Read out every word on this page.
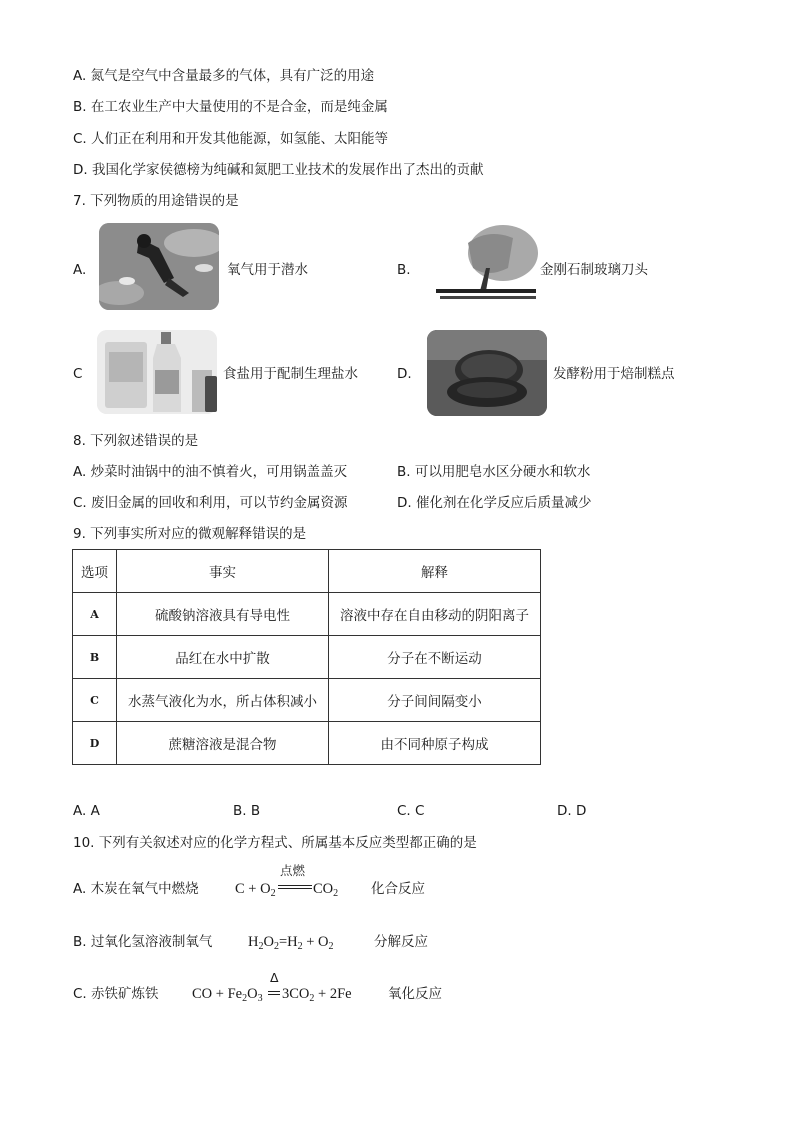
A. 氮气是空气中含量最多的气体，具有广泛的用途
B. 在工农业生产中大量使用的不是合金，而是纯金属
C. 人们正在利用和开发其他能源，如氢能、太阳能等
D. 我国化学家侯德榜为纯碱和氮肥工业技术的发展作出了杰出的贡献
7. 下列物质的用途错误的是
A.	氧气用于潜水	B.	金刚石制玻璃刀头
C	食盐用于配制生理盐水	D.	发酵粉用于焙制糕点
8. 下列叙述错误的是
A. 炒菜时油锅中的油不慎着火，可用锅盖盖灭	B. 可以用肥皂水区分硬水和软水
C. 废旧金属的回收和利用，可以节约金属资源	D. 催化剂在化学反应后质量减少
9. 下列事实所对应的微观解释错误的是
选项	事实	解释
A	硫酸钠溶液具有导电性	溶液中存在自由移动的阴阳离子
B	品红在水中扩散	分子在不断运动
C	水蒸气液化为水，所占体积减小	分子间间隔变小
D	蔗糖溶液是混合物	由不同种原子构成
A. A	B. B	C. C	D. D
10. 下列有关叙述对应的化学方程式、所属基本反应类型都正确的是
A. 木炭在氧气中燃烧	$C + O_2$
点燃
$CO_2$ 化合反应
B. 过氧化氢溶液制氧气 $H_2O_2=H_2 + O_2$	分解反应
C. 赤铁矿炼铁 CO + $Fe_2O_3$
Δ
$3CO_2 + 2Fe$	氧化反应
